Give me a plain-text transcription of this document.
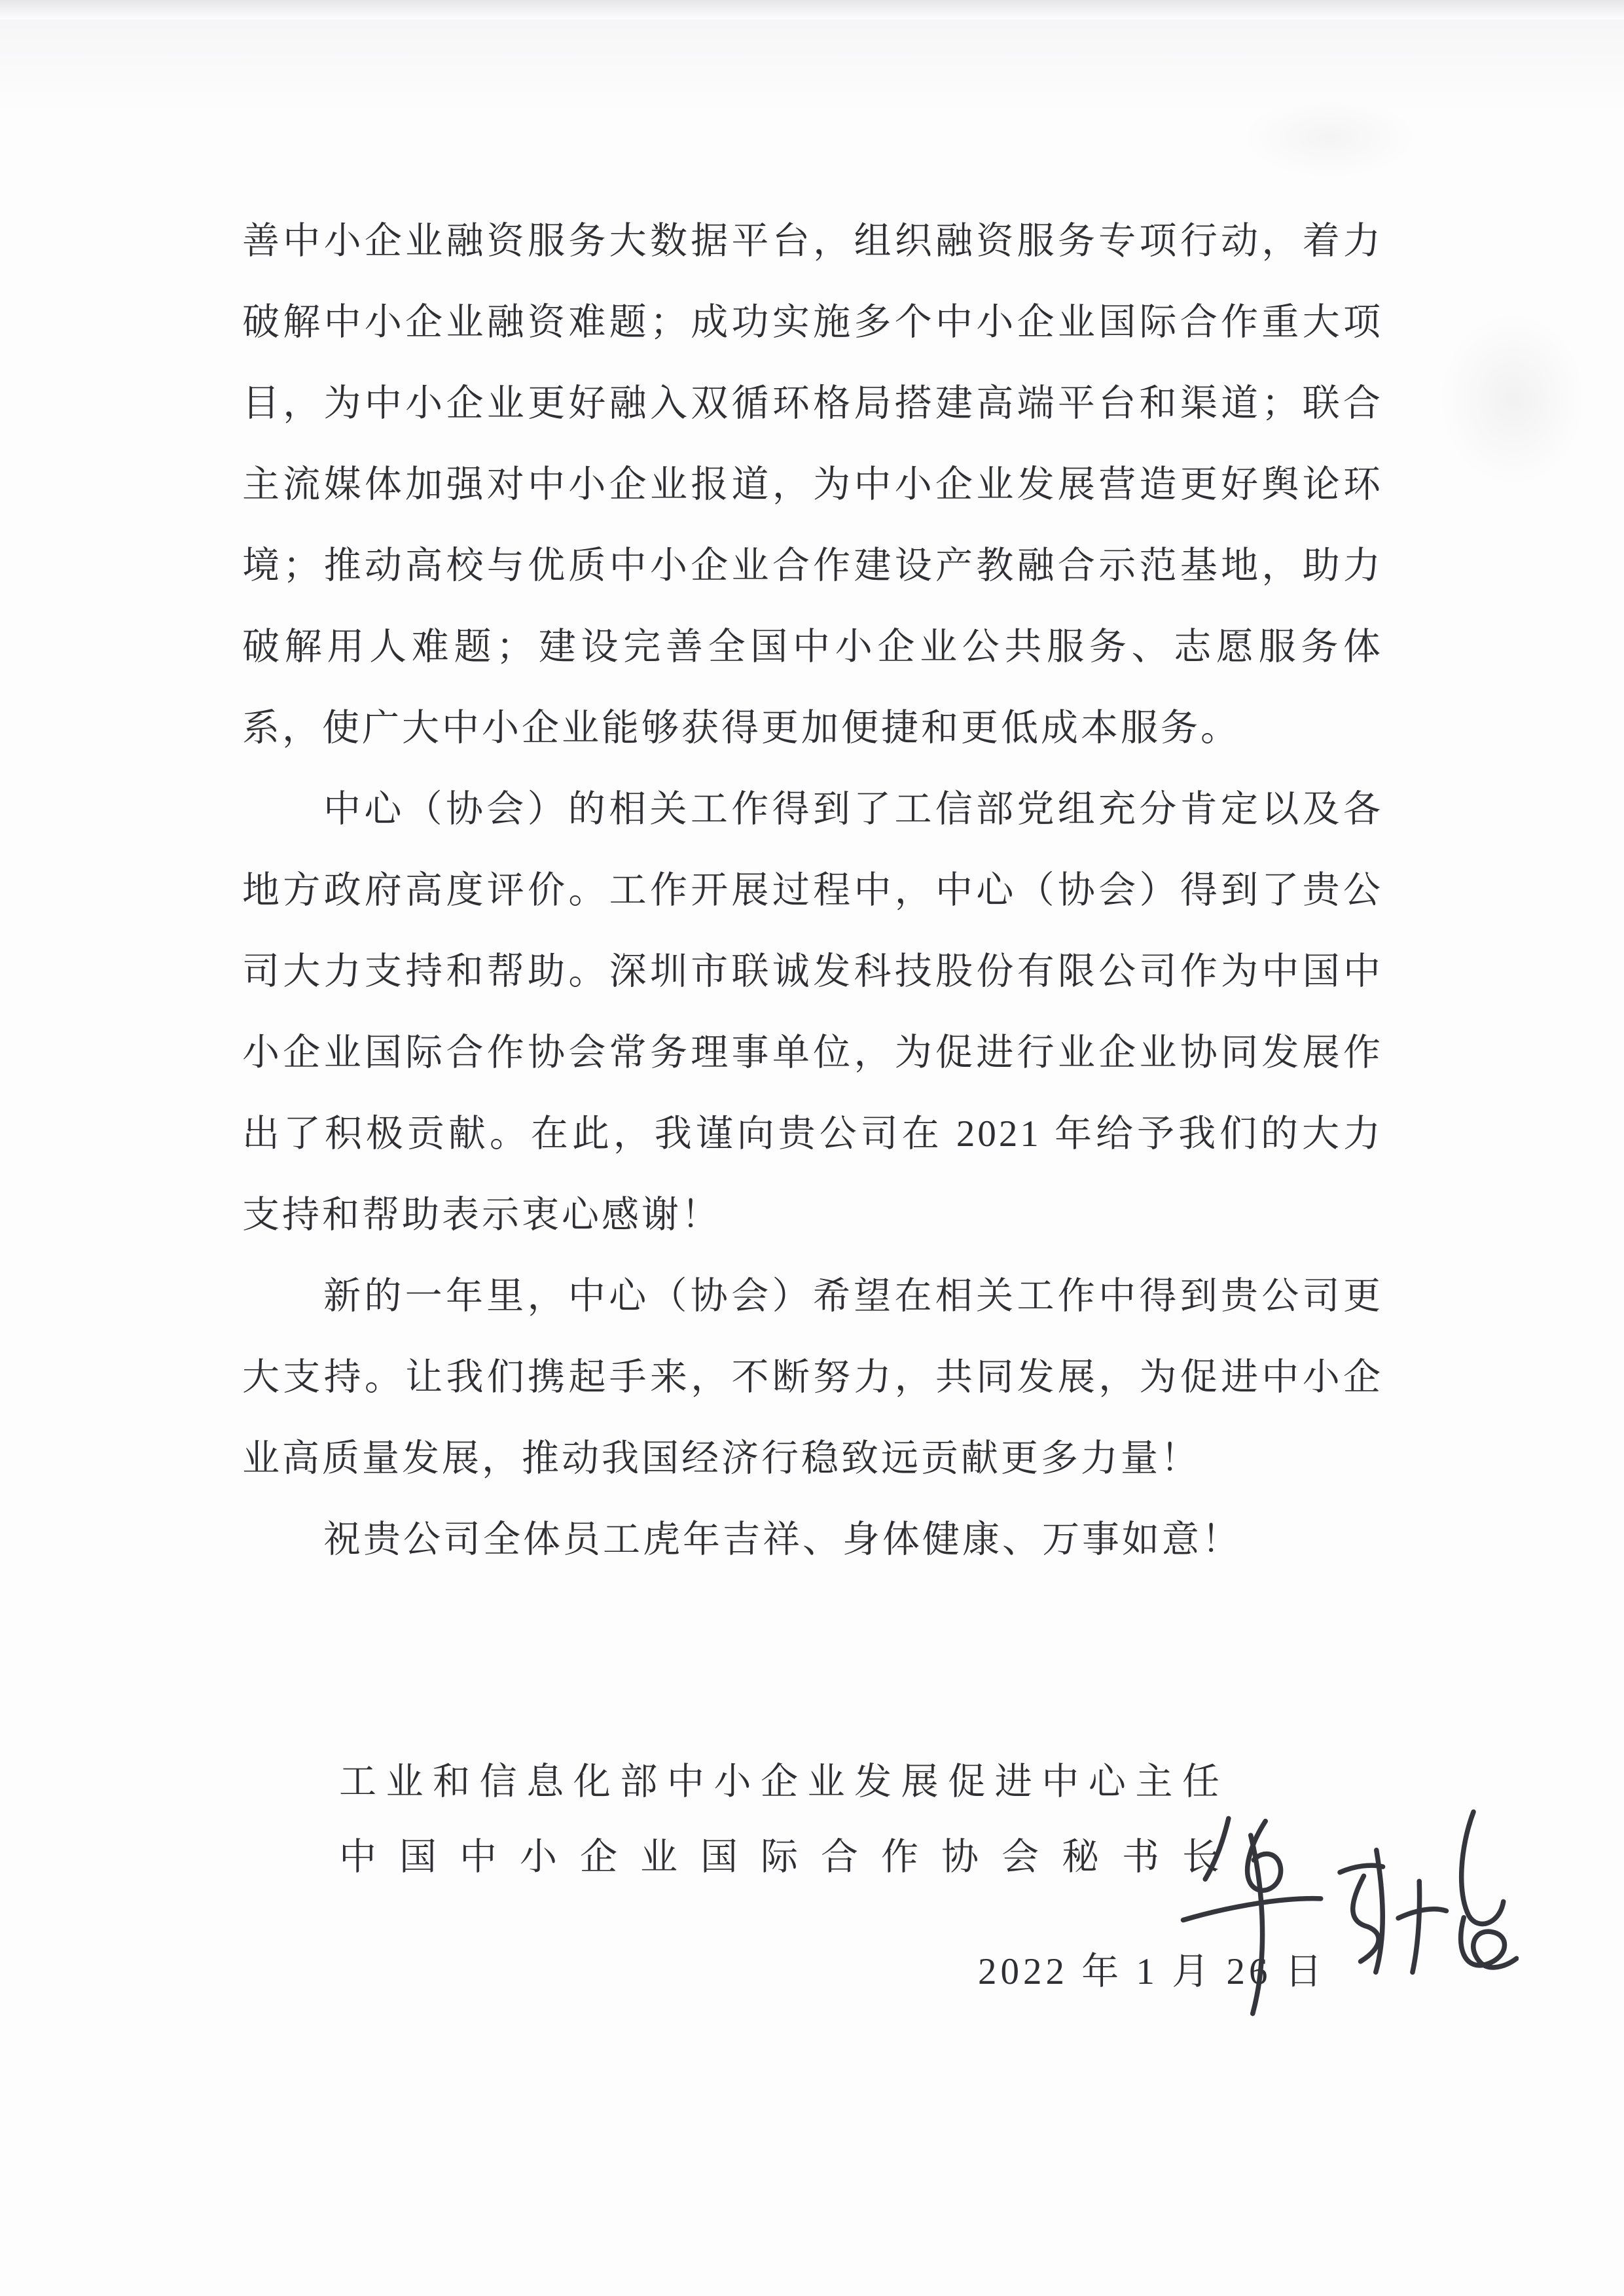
善中小企业融资服务大数据平台，组织融资服务专项行动，着力破解中小企业融资难题；成功实施多个中小企业国际合作重大项目，为中小企业更好融入双循环格局搭建高端平台和渠道；联合主流媒体加强对中小企业报道，为中小企业发展营造更好舆论环境；推动高校与优质中小企业合作建设产教融合示范基地，助力破解用人难题；建设完善全国中小企业公共服务、志愿服务体系，使广大中小企业能够获得更加便捷和更低成本服务。

中心（协会）的相关工作得到了工信部党组充分肯定以及各地方政府高度评价。工作开展过程中，中心（协会）得到了贵公司大力支持和帮助。深圳市联诚发科技股份有限公司作为中国中小企业国际合作协会常务理事单位，为促进行业企业协同发展作出了积极贡献。在此，我谨向贵公司在 2021 年给予我们的大力支持和帮助表示衷心感谢！

新的一年里，中心（协会）希望在相关工作中得到贵公司更大支持。让我们携起手来，不断努力，共同发展，为促进中小企业高质量发展，推动我国经济行稳致远贡献更多力量！

祝贵公司全体员工虎年吉祥、身体健康、万事如意！

工业和信息化部中小企业发展促进中心主任

中国中小企业国际合作协会秘书长

2022 年 1 月 26 日
